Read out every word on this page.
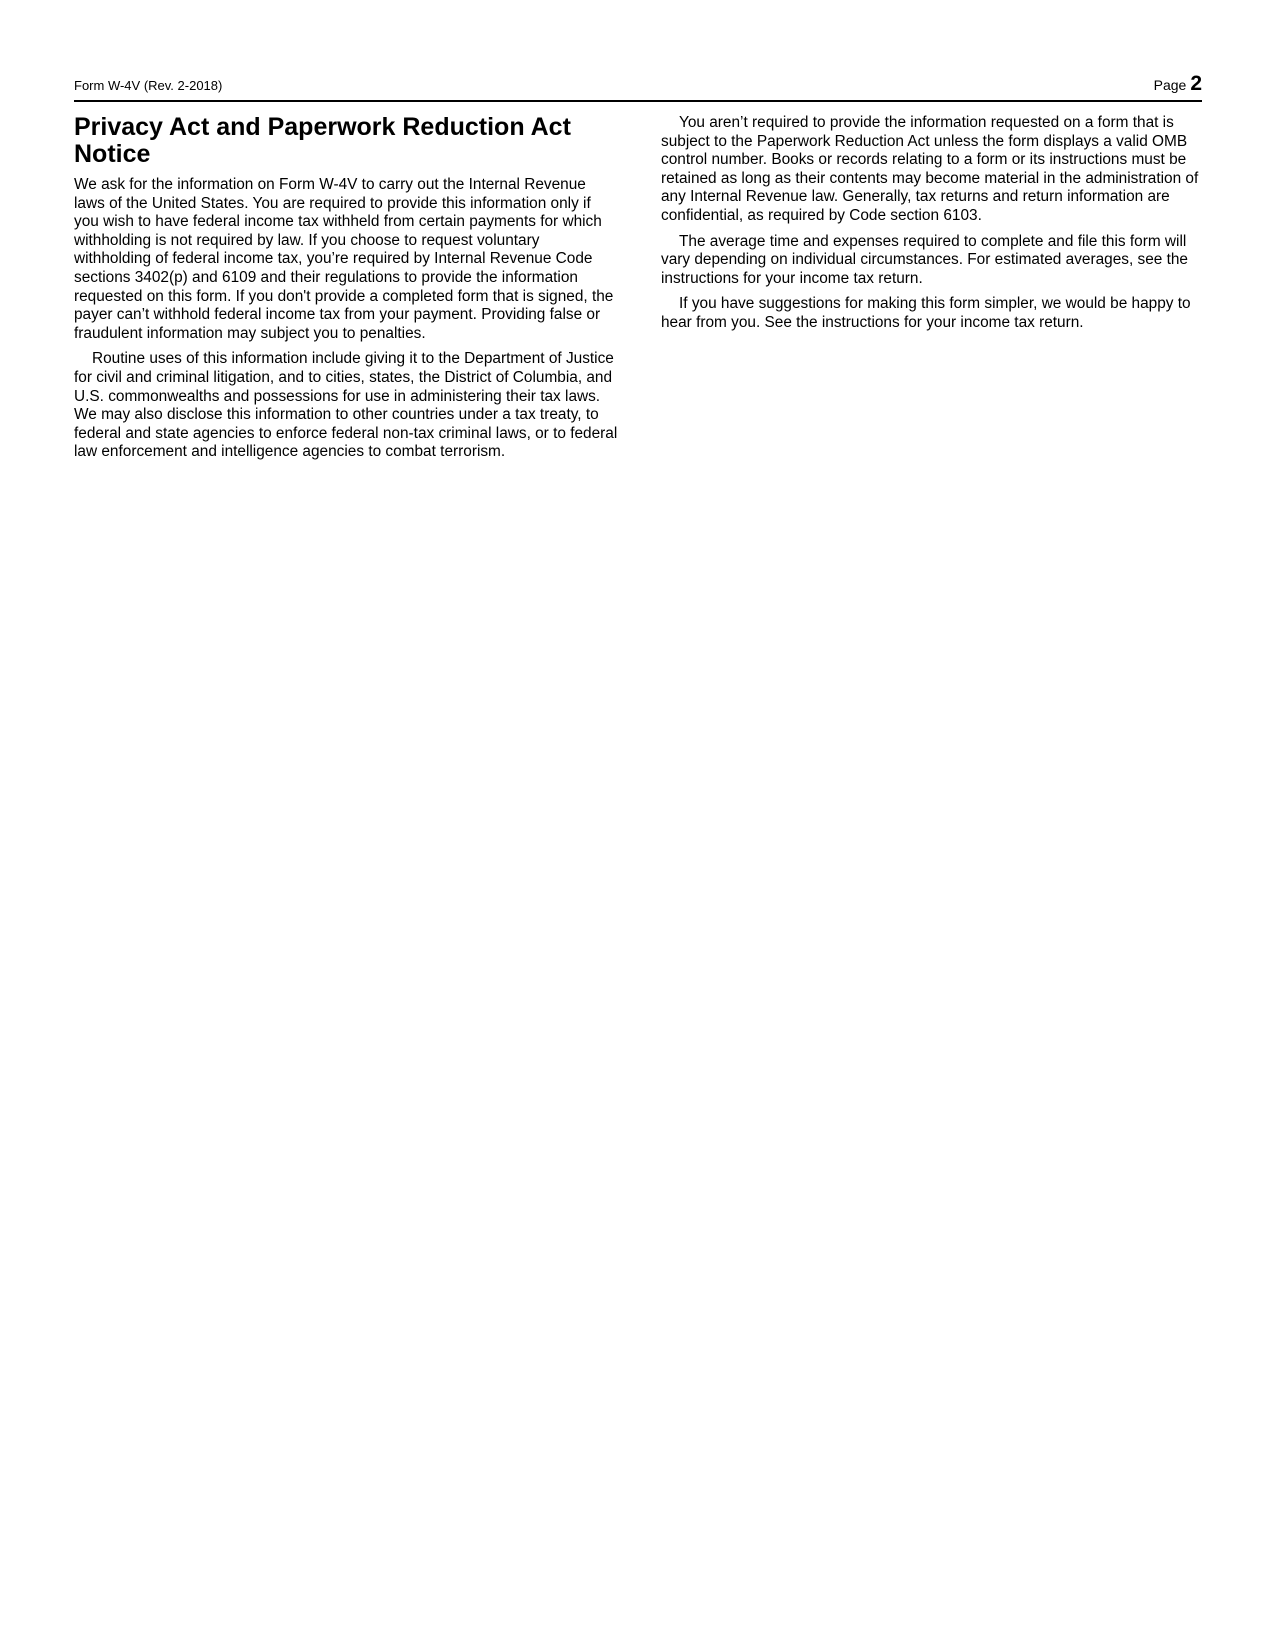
Form W-4V (Rev. 2-2018)	Page 2
Privacy Act and Paperwork Reduction Act Notice

We ask for the information on Form W-4V to carry out the Internal Revenue laws of the United States. You are required to provide this information only if you wish to have federal income tax withheld from certain payments for which withholding is not required by law. If you choose to request voluntary withholding of federal income tax, you’re required by Internal Revenue Code sections 3402(p) and 6109 and their regulations to provide the information requested on this form. If you don't provide a completed form that is signed, the payer can’t withhold federal income tax from your payment. Providing false or fraudulent information may subject you to penalties.

Routine uses of this information include giving it to the Department of Justice for civil and criminal litigation, and to cities, states, the District of Columbia, and U.S. commonwealths and possessions for use in administering their tax laws. We may also disclose this information to other countries under a tax treaty, to federal and state agencies to enforce federal non-tax criminal laws, or to federal law enforcement and intelligence agencies to combat terrorism.

You aren’t required to provide the information requested on a form that is subject to the Paperwork Reduction Act unless the form displays a valid OMB control number. Books or records relating to a form or its instructions must be retained as long as their contents may become material in the administration of any Internal Revenue law. Generally, tax returns and return information are confidential, as required by Code section 6103.

The average time and expenses required to complete and file this form will vary depending on individual circumstances. For estimated averages, see the instructions for your income tax return.

If you have suggestions for making this form simpler, we would be happy to hear from you. See the instructions for your income tax return.
